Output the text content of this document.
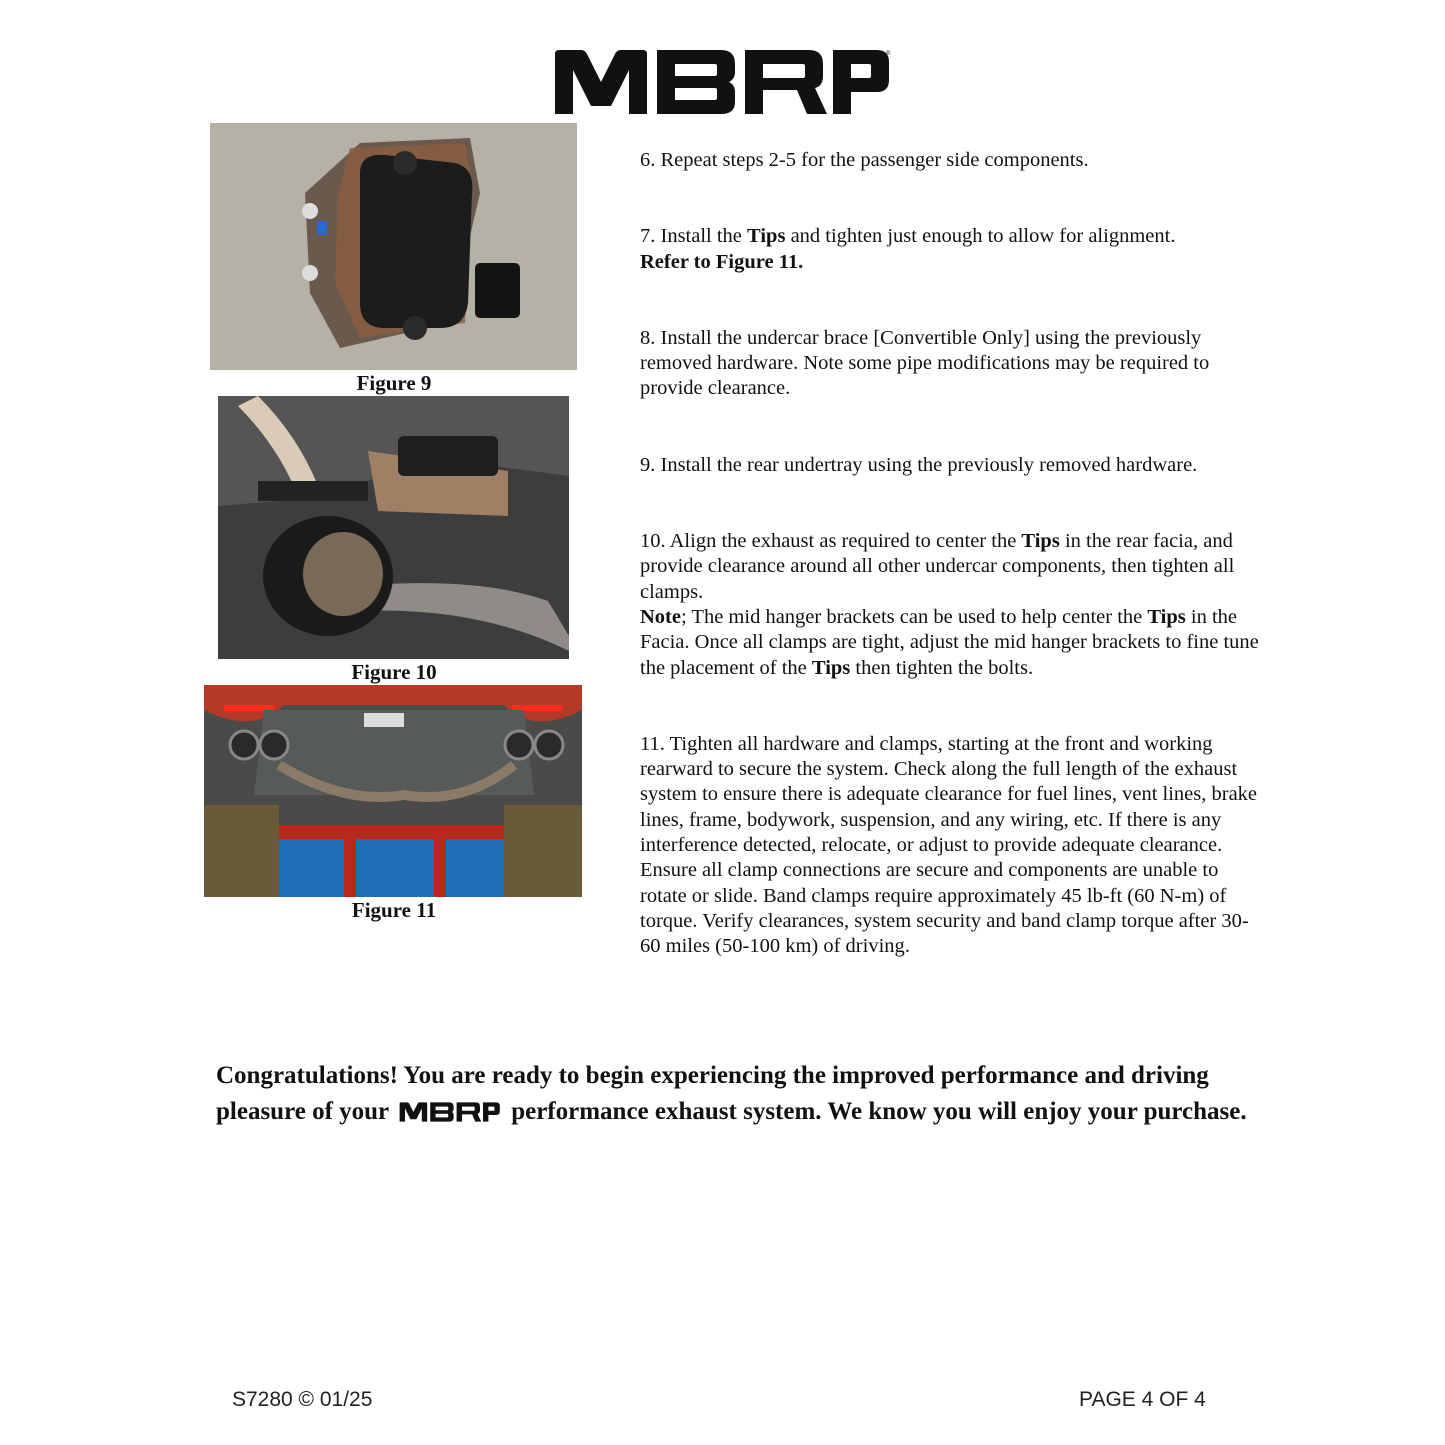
®
Figure 9
Figure 10
Figure 11

6. Repeat steps 2-5 for the passenger side components.

7. Install the Tips and tighten just enough to allow for alignment.
Refer to Figure 11.

8. Install the undercar brace [Convertible Only] using the previously removed hardware. Note some pipe modifications may be required to provide clearance.

9. Install the rear undertray using the previously removed hardware.

10. Align the exhaust as required to center the Tips in the rear facia, and provide clearance around all other undercar components, then tighten all clamps.
Note; The mid hanger brackets can be used to help center the Tips in the Facia. Once all clamps are tight, adjust the mid hanger brackets to fine tune the placement of the Tips then tighten the bolts.

11. Tighten all hardware and clamps, starting at the front and working rearward to secure the system. Check along the full length of the exhaust system to ensure there is adequate clearance for fuel lines, vent lines, brake lines, frame, bodywork, suspension, and any wiring, etc. If there is any interference detected, relocate, or adjust to provide adequate clearance. Ensure all clamp connections are secure and components are unable to rotate or slide. Band clamps require approximately 45 lb-ft (60 N-m) of torque. Verify clearances, system security and band clamp torque after 30-60 miles (50-100 km) of driving.

Congratulations! You are ready to begin experiencing the improved performance and driving pleasure of your	performance exhaust system. We know you will enjoy your purchase.
S7280 © 01/25	PAGE 4 OF 4
